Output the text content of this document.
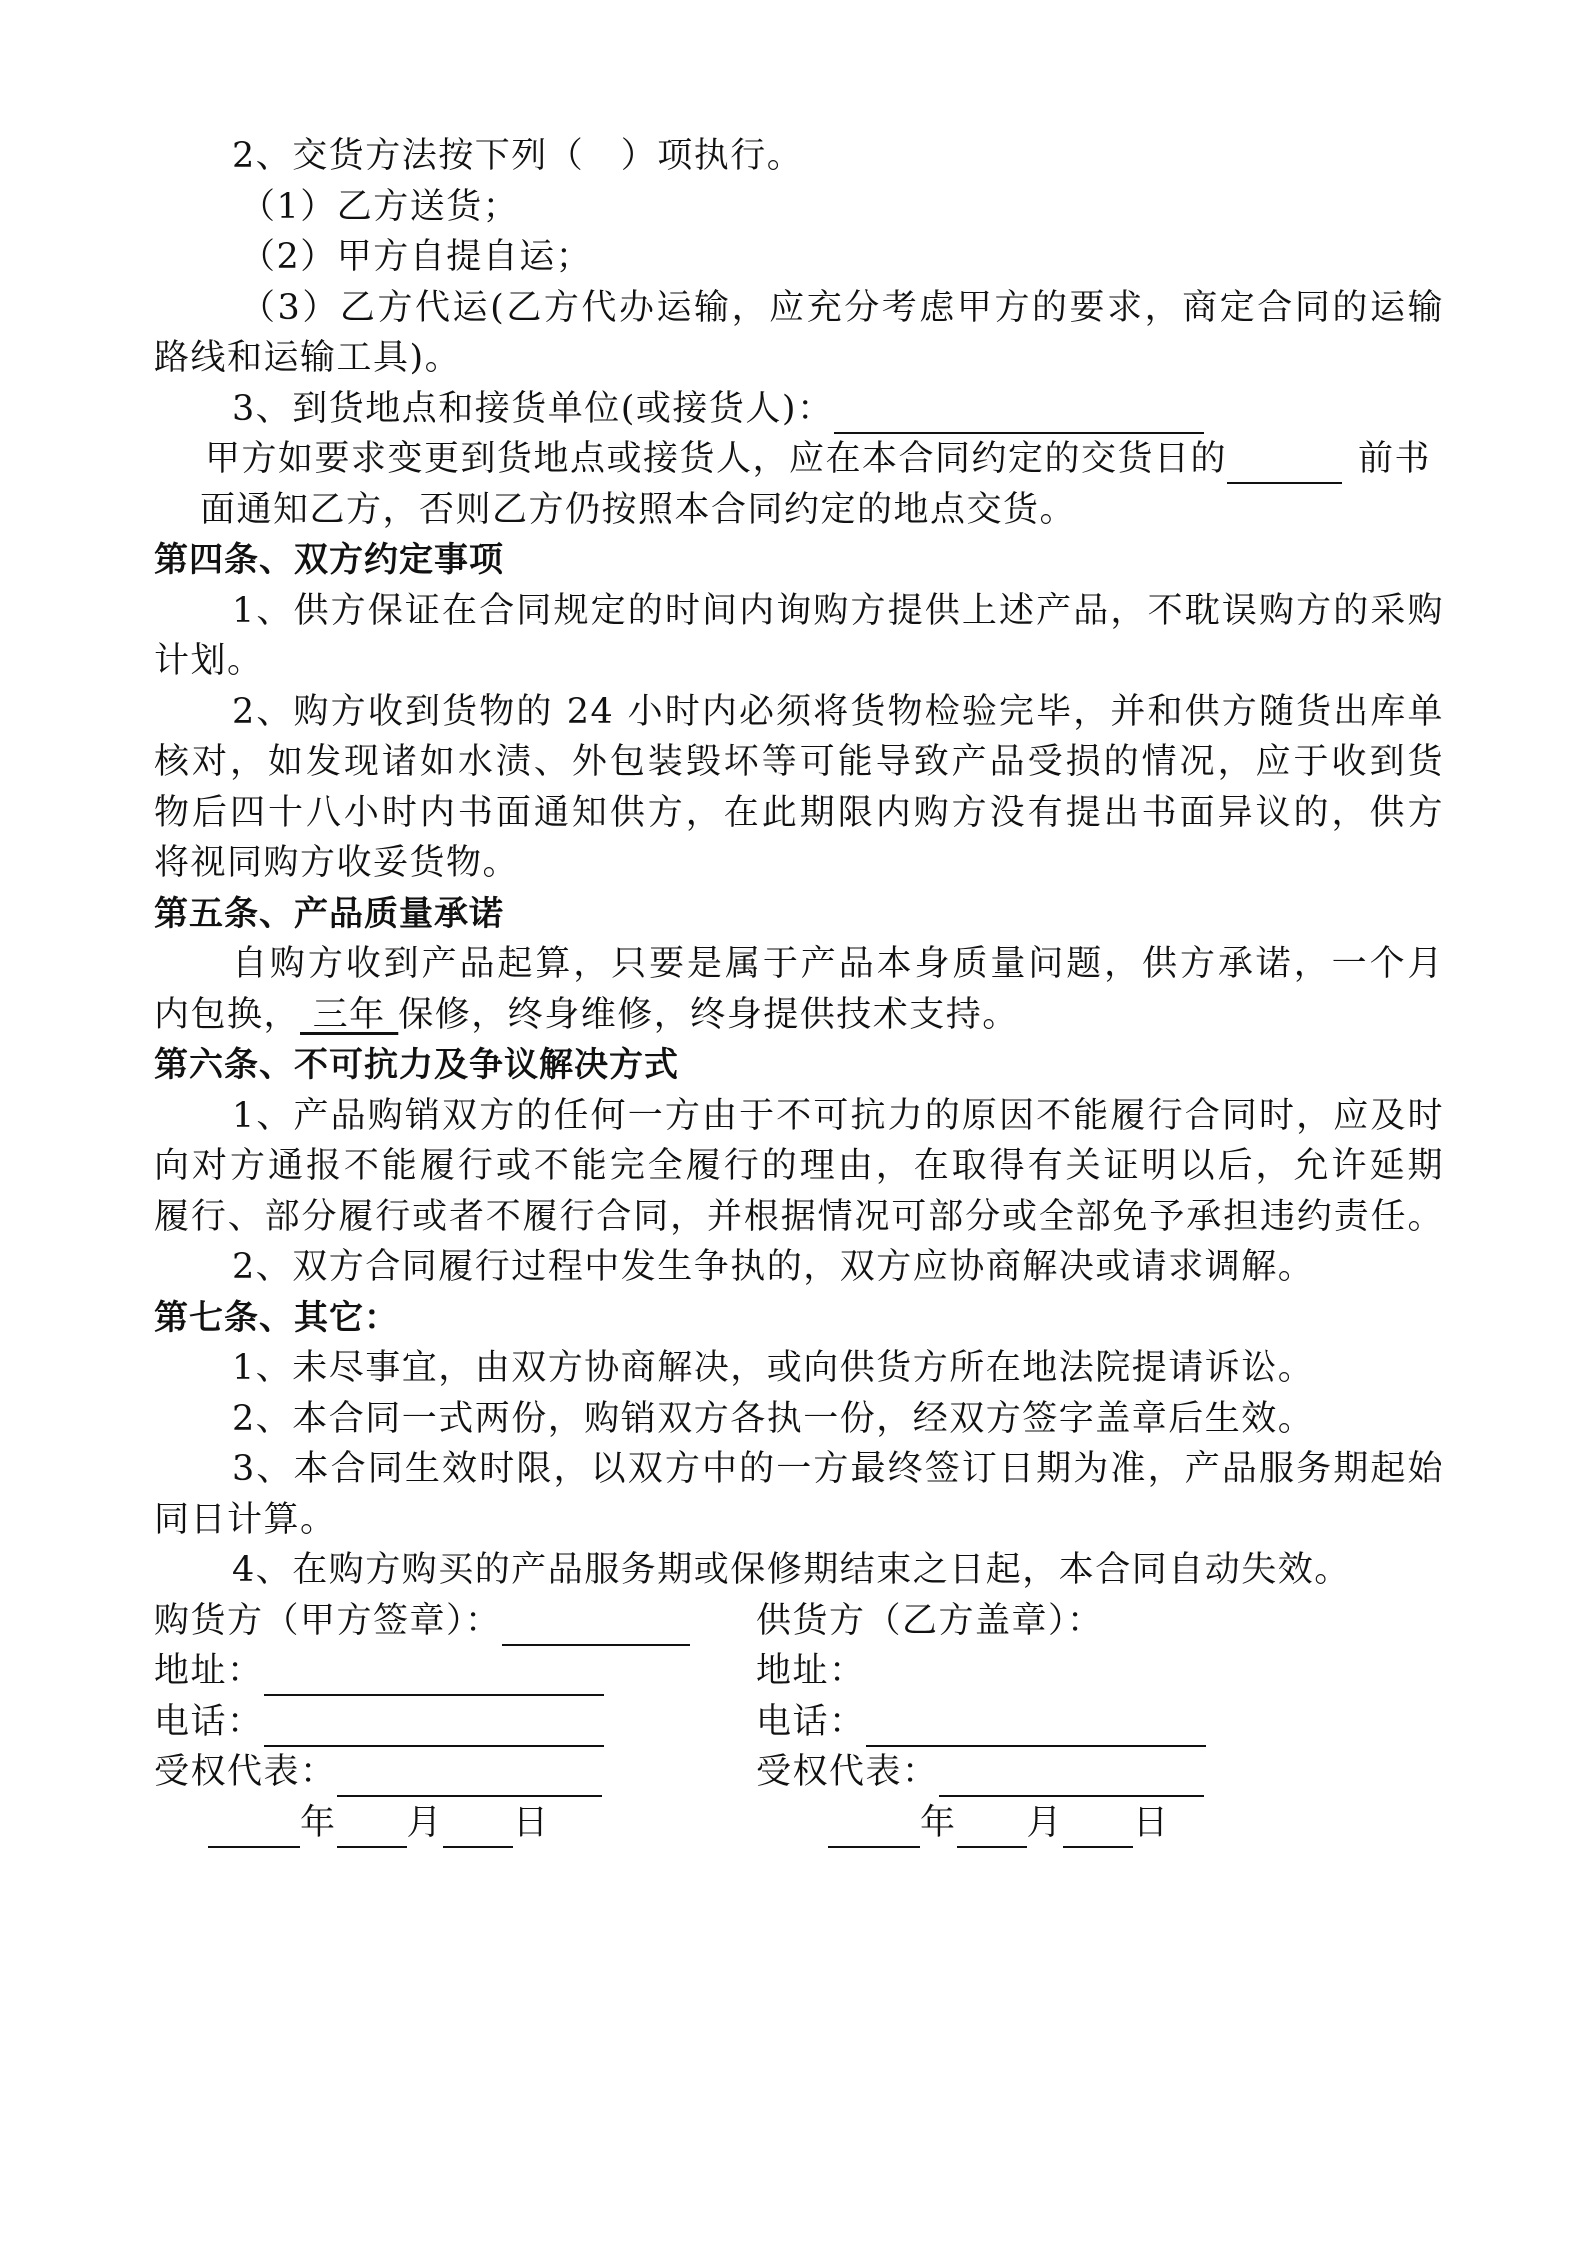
2、交货方法按下列（　）项执行。
（1）乙方送货；
（2）甲方自提自运；
（3）乙方代运(乙方代办运输，应充分考虑甲方的要求，商定合同的运输
路线和运输工具)。
3、到货地点和接货单位(或接货人)：
甲方如要求变更到货地点或接货人，应在本合同约定的交货日的	前书
面通知乙方，否则乙方仍按照本合同约定的地点交货。
第四条、双方约定事项
1、供方保证在合同规定的时间内询购方提供上述产品，不耽误购方的采购
计划。
2、购方收到货物的 24 小时内必须将货物检验完毕，并和供方随货出库单
核对，如发现诸如水渍、外包装毁坏等可能导致产品受损的情况，应于收到货
物后四十八小时内书面通知供方，在此期限内购方没有提出书面异议的，供方
将视同购方收妥货物。
第五条、产品质量承诺
自购方收到产品起算，只要是属于产品本身质量问题，供方承诺，一个月
内包换， 三年 保修，终身维修，终身提供技术支持。
第六条、不可抗力及争议解决方式
1、产品购销双方的任何一方由于不可抗力的原因不能履行合同时，应及时
向对方通报不能履行或不能完全履行的理由，在取得有关证明以后，允许延期
履行、部分履行或者不履行合同，并根据情况可部分或全部免予承担违约责任。
2、双方合同履行过程中发生争执的，双方应协商解决或请求调解。
第七条、其它：
1、未尽事宜，由双方协商解决，或向供货方所在地法院提请诉讼。
2、本合同一式两份，购销双方各执一份，经双方签字盖章后生效。
3、本合同生效时限，以双方中的一方最终签订日期为准，产品服务期起始
同日计算。
4、在购方购买的产品服务期或保修期结束之日起，本合同自动失效。
购货方（甲方签章）：
地址：
电话：
受权代表：
年 月 日
供货方（乙方盖章）：
地址：
电话：
受权代表：
年 月 日
